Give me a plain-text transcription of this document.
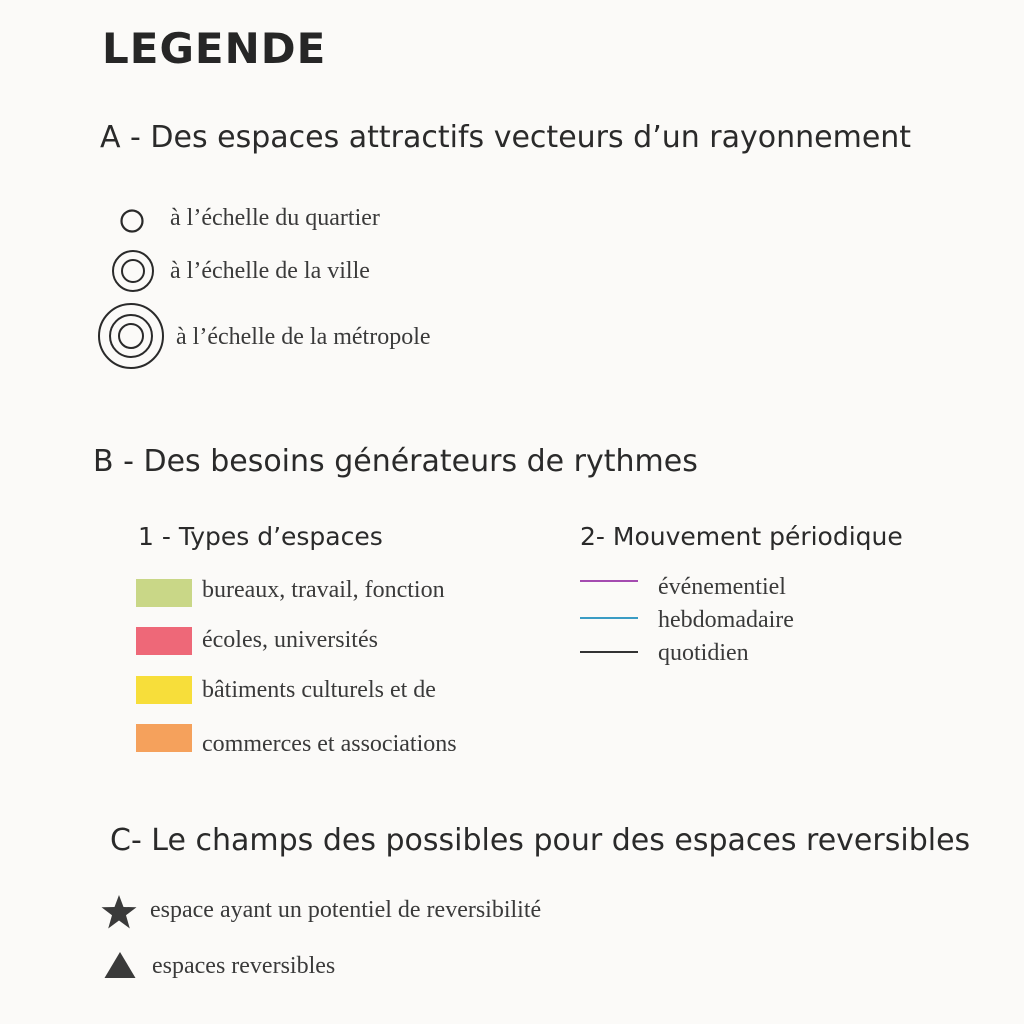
LEGENDE
A - Des espaces attractifs vecteurs d’un rayonnement
à l’échelle du quartier
à l’échelle de la ville
à l’échelle de la métropole
B - Des besoins générateurs de rythmes
1 - Types d’espaces
bureaux, travail, fonction
écoles, universités
bâtiments culturels et de
commerces et associations
2- Mouvement périodique
événementiel
hebdomadaire
quotidien
C- Le champs des possibles pour des espaces reversibles
espace ayant un potentiel de reversibilité
espaces reversibles
